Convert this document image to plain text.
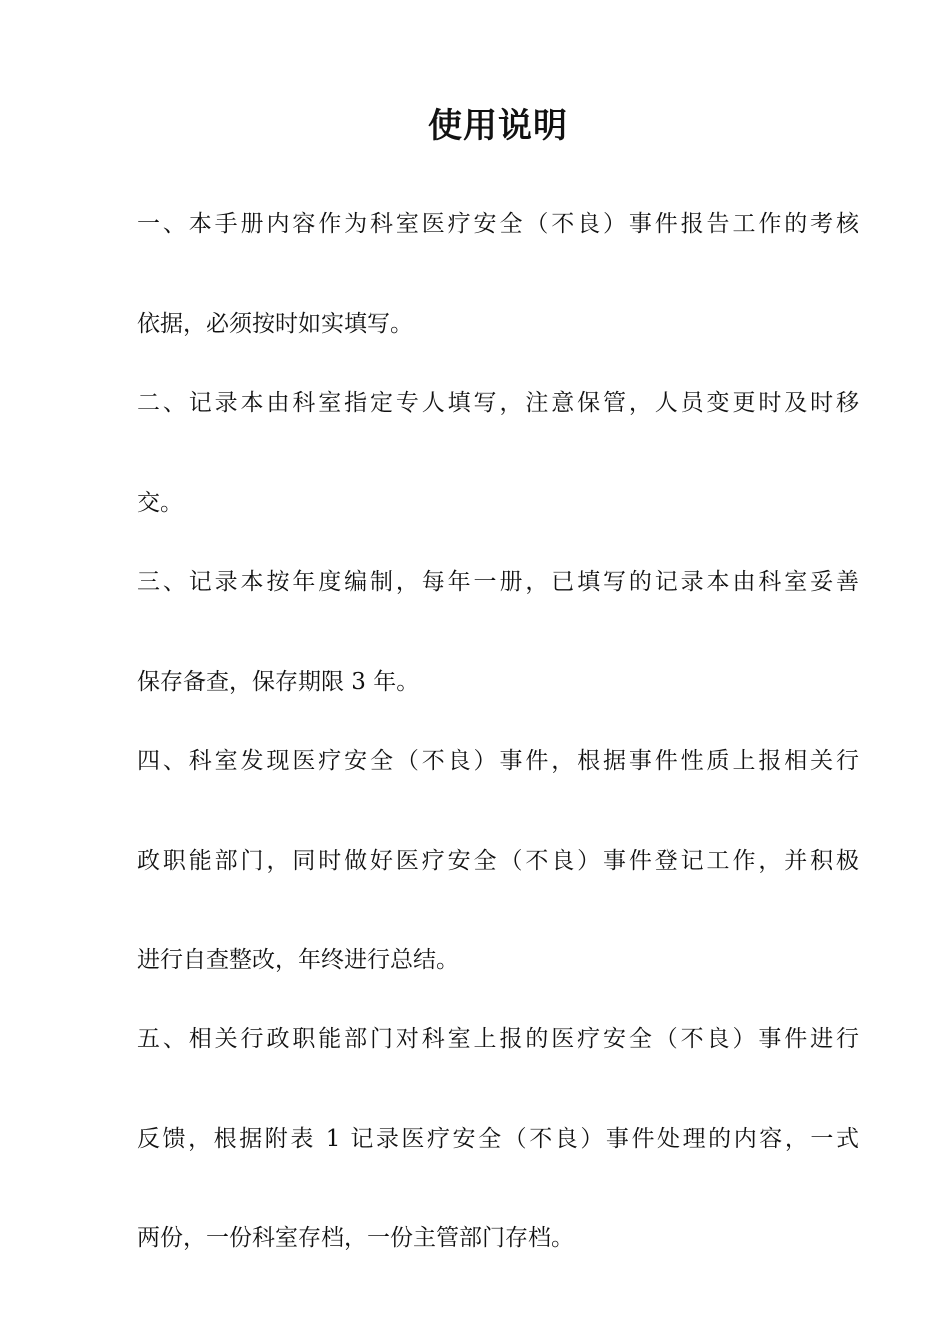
使用说明
一、本手册内容作为科室医疗安全（不良）事件报告工作的考核
依据，必须按时如实填写。
二、记录本由科室指定专人填写，注意保管，人员变更时及时移
交。
三、记录本按年度编制，每年一册，已填写的记录本由科室妥善
保存备查，保存期限 3 年。
四、科室发现医疗安全（不良）事件，根据事件性质上报相关行
政职能部门，同时做好医疗安全（不良）事件登记工作，并积极
进行自查整改，年终进行总结。
五、相关行政职能部门对科室上报的医疗安全（不良）事件进行
反馈，根据附表 1 记录医疗安全（不良）事件处理的内容，一式
两份，一份科室存档，一份主管部门存档。
